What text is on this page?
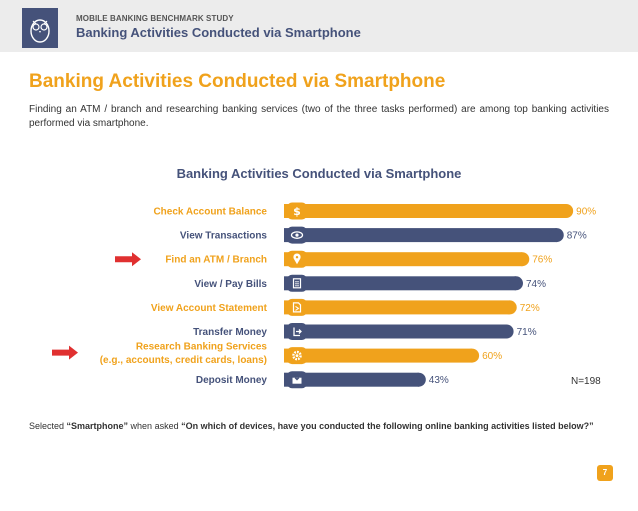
MOBILE BANKING BENCHMARK STUDY
Banking Activities Conducted via Smartphone
Banking Activities Conducted via Smartphone
Finding an ATM / branch and researching banking services (two of the three tasks performed) are among top banking activities performed via smartphone.
Banking Activities Conducted via Smartphone
$	90%
Check Account Balance
87%
View Transactions
76%
Find an ATM / Branch
74%
View / Pay Bills
72%
View Account Statement
71%
Transfer Money
60%
Research Banking Services (e.g., accounts, credit cards, loans)
43%
Deposit Money	N=198
Selected “Smartphone” when asked “On which of devices, have you conducted the following online banking activities listed below?”
7
